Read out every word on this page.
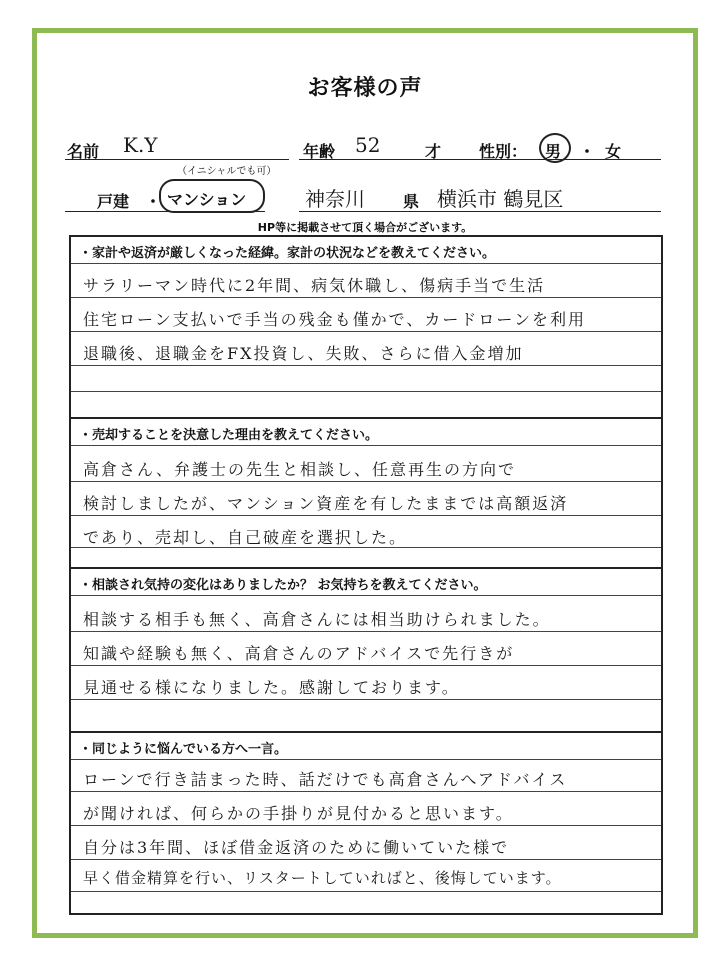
お客様の声
名前 K.Y
（イニシャルでも可）
年齢 52	才 性別： 男 ・ 女
戸建 ・ マンション	神奈川 県 横浜市 鶴見区
HP等に掲載させて頂く場合がございます。
・家計や返済が厳しくなった経緯。家計の状況などを教えてください。
サラリーマン時代に2年間、病気休職し、傷病手当で生活
住宅ローン支払いで手当の残金も僅かで、カードローンを利用
退職後、退職金をFX投資し、失敗、さらに借入金増加
・売却することを決意した理由を教えてください。
高倉さん、弁護士の先生と相談し、任意再生の方向で
検討しましたが、マンション資産を有したままでは高額返済
であり、売却し、自己破産を選択した。
・相談され気持の変化はありましたか？ お気持ちを教えてください。
相談する相手も無く、高倉さんには相当助けられました。
知識や経験も無く、高倉さんのアドバイスで先行きが
見通せる様になりました。感謝しております。
・同じように悩んでいる方へ一言。
ローンで行き詰まった時、話だけでも高倉さんへアドバイス
が聞ければ、何らかの手掛りが見付かると思います。
自分は3年間、ほぼ借金返済のために働いていた様で
早く借金精算を行い、リスタートしていればと、後悔しています。
